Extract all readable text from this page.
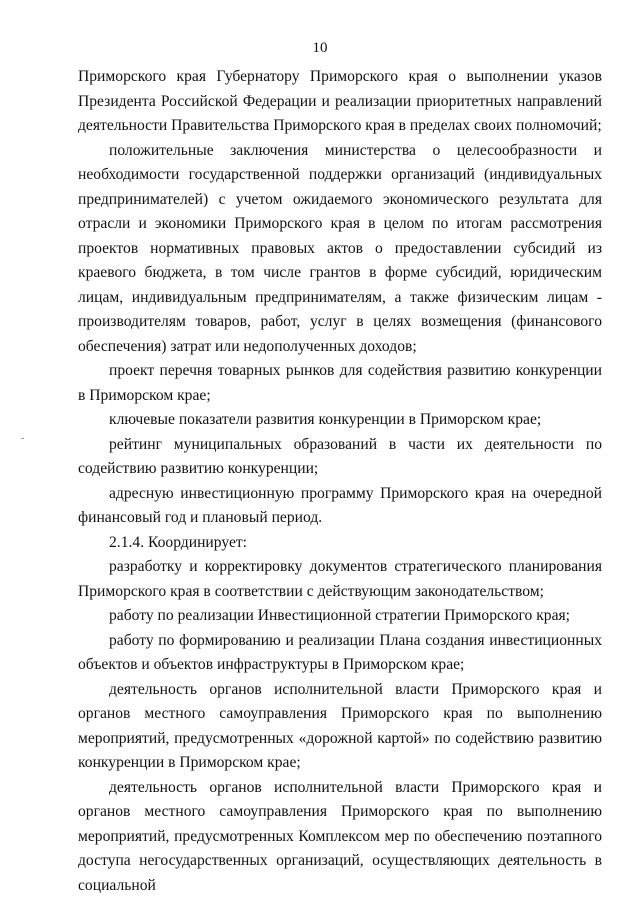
10

Приморского края Губернатору Приморского края о выполнении указов Президента Российской Федерации и реализации приоритетных направлений деятельности Правительства Приморского края в пределах своих полномочий;

положительные заключения министерства о целесообразности и необходимости государственной поддержки организаций (индивидуальных предпринимателей) с учетом ожидаемого экономического результата для отрасли и экономики Приморского края в целом по итогам рассмотрения проектов нормативных правовых актов о предоставлении субсидий из краевого бюджета, в том числе грантов в форме субсидий, юридическим лицам, индивидуальным предпринимателям, а также физическим лицам - производителям товаров, работ, услуг в целях возмещения (финансового обеспечения) затрат или недополученных доходов;

проект перечня товарных рынков для содействия развитию конкуренции в Приморском крае;

ключевые показатели развития конкуренции в Приморском крае;

рейтинг муниципальных образований в части их деятельности по содействию развитию конкуренции;

адресную инвестиционную программу Приморского края на очередной финансовый год и плановый период.

2.1.4. Координирует:

разработку и корректировку документов стратегического планирования Приморского края в соответствии с действующим законодательством;

работу по реализации Инвестиционной стратегии Приморского края;

работу по формированию и реализации Плана создания инвестиционных объектов и объектов инфраструктуры в Приморском крае;

деятельность органов исполнительной власти Приморского края и органов местного самоуправления Приморского края по выполнению мероприятий, предусмотренных «дорожной картой» по содействию развитию конкуренции в Приморском крае;

деятельность органов исполнительной власти Приморского края и органов местного самоуправления Приморского края по выполнению мероприятий, предусмотренных Комплексом мер по обеспечению поэтапного доступа негосударственных организаций, осуществляющих деятельность в социальной
